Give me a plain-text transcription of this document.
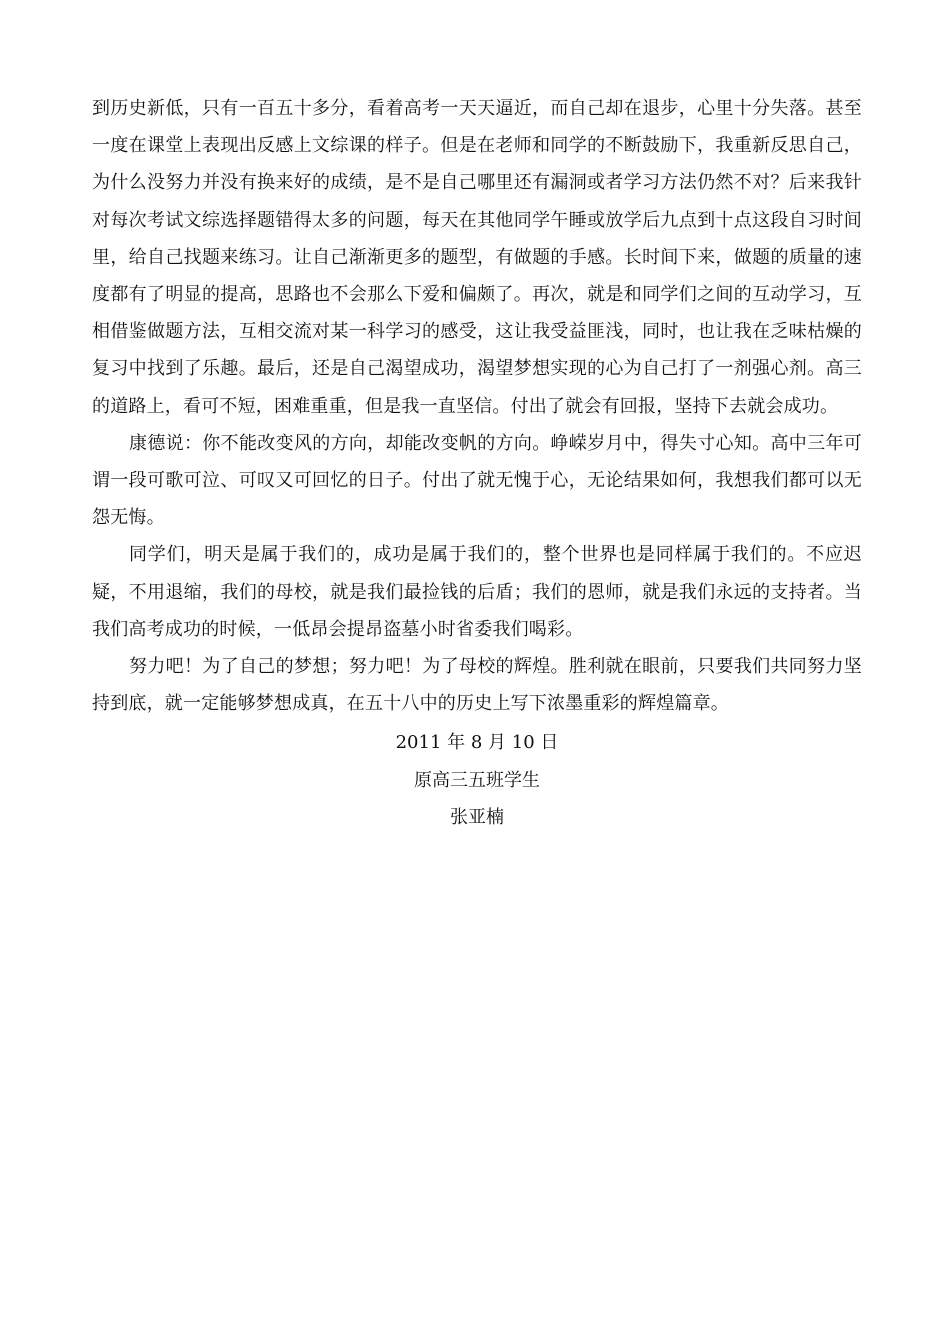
到历史新低，只有一百五十多分，看着高考一天天逼近，而自己却在退步，心里十分失落。甚至一度在课堂上表现出反感上文综课的样子。但是在老师和同学的不断鼓励下，我重新反思自己，为什么没努力并没有换来好的成绩，是不是自己哪里还有漏洞或者学习方法仍然不对？后来我针对每次考试文综选择题错得太多的问题，每天在其他同学午睡或放学后九点到十点这段自习时间里，给自己找题来练习。让自己渐渐更多的题型，有做题的手感。长时间下来，做题的质量的速度都有了明显的提高，思路也不会那么下爱和偏颇了。再次，就是和同学们之间的互动学习，互相借鉴做题方法，互相交流对某一科学习的感受，这让我受益匪浅，同时，也让我在乏味枯燥的复习中找到了乐趣。最后，还是自己渴望成功，渴望梦想实现的心为自己打了一剂强心剂。高三的道路上，看可不短，困难重重，但是我一直坚信。付出了就会有回报，坚持下去就会成功。

康德说：你不能改变风的方向，却能改变帆的方向。峥嵘岁月中，得失寸心知。高中三年可谓一段可歌可泣、可叹又可回忆的日子。付出了就无愧于心，无论结果如何，我想我们都可以无怨无悔。

同学们，明天是属于我们的，成功是属于我们的，整个世界也是同样属于我们的。不应迟疑，不用退缩，我们的母校，就是我们最捡钱的后盾；我们的恩师，就是我们永远的支持者。当我们高考成功的时候，一低昂会提昂盗墓小时省委我们喝彩。

努力吧！为了自己的梦想；努力吧！为了母校的辉煌。胜利就在眼前，只要我们共同努力坚持到底，就一定能够梦想成真，在五十八中的历史上写下浓墨重彩的辉煌篇章。

2011 年 8 月 10 日

原高三五班学生

张亚楠
